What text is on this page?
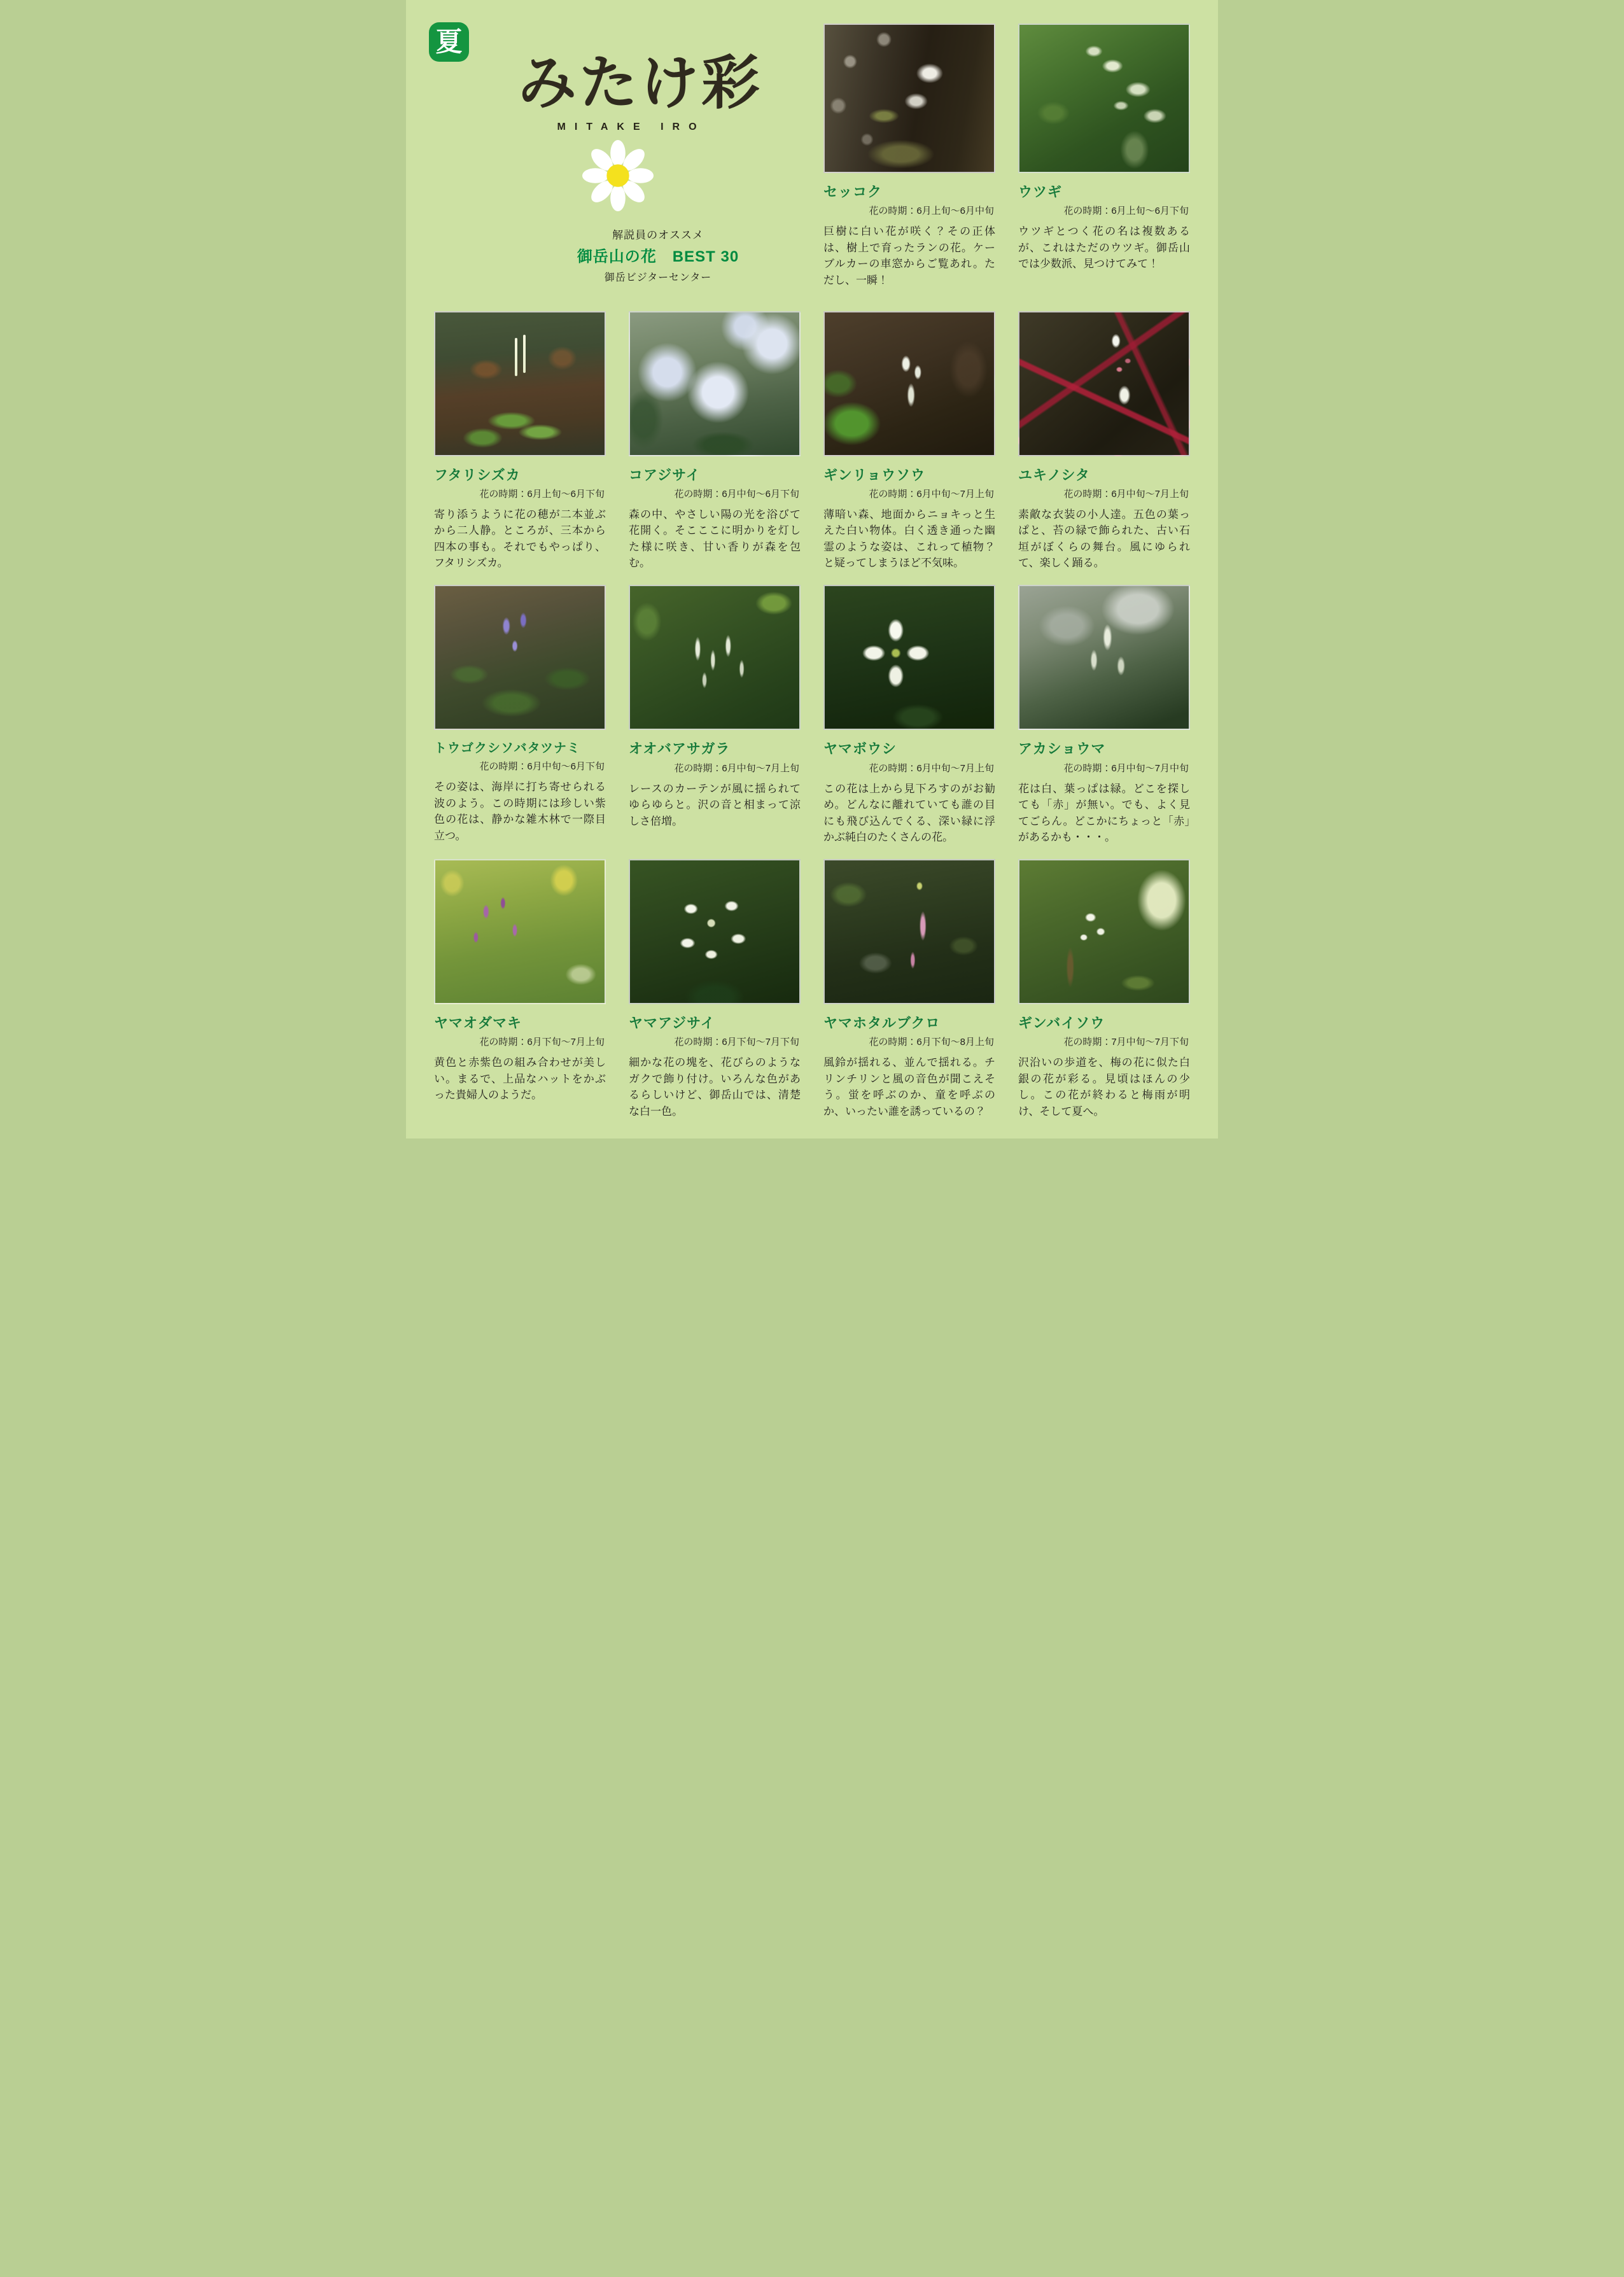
夏
みたけ彩
MITAKE IRO
解説員のオススメ
御岳山の花　BEST 30
御岳ビジターセンター
セッコク
花の時期：6月上旬～6月中旬

巨樹に白い花が咲く？その正体は、樹上で育ったランの花。ケーブルカーの車窓からご覧あれ。ただし、一瞬！

ウツギ
花の時期：6月上旬～6月下旬

ウツギとつく花の名は複数あるが、これはただのウツギ。御岳山では少数派、見つけてみて！

フタリシズカ
花の時期：6月上旬～6月下旬

寄り添うように花の穂が二本並ぶから二人静。ところが、三本から四本の事も。それでもやっぱり、フタリシズカ。

コアジサイ
花の時期：6月中旬～6月下旬

森の中、やさしい陽の光を浴びて花開く。そこここに明かりを灯した様に咲き、甘い香りが森を包む。

ギンリョウソウ
花の時期：6月中旬～7月上旬

薄暗い森、地面からニョキっと生えた白い物体。白く透き通った幽霊のような姿は、これって植物？と疑ってしまうほど不気味。

ユキノシタ
花の時期：6月中旬～7月上旬

素敵な衣装の小人達。五色の葉っぱと、苔の緑で飾られた、古い石垣がぼくらの舞台。風にゆられて、楽しく踊る。

トウゴクシソバタツナミ
花の時期：6月中旬～6月下旬

その姿は、海岸に打ち寄せられる波のよう。この時期には珍しい紫色の花は、静かな雑木林で一際目立つ。

オオバアサガラ
花の時期：6月中旬～7月上旬

レースのカーテンが風に揺られてゆらゆらと。沢の音と相まって涼しさ倍増。

ヤマボウシ
花の時期：6月中旬～7月上旬

この花は上から見下ろすのがお勧め。どんなに離れていても誰の目にも飛び込んでくる、深い緑に浮かぶ純白のたくさんの花。

アカショウマ
花の時期：6月中旬～7月中旬

花は白、葉っぱは緑。どこを探しても「赤」が無い。でも、よく見てごらん。どこかにちょっと「赤」があるかも・・・。

ヤマオダマキ
花の時期：6月下旬～7月上旬

黄色と赤紫色の組み合わせが美しい。まるで、上品なハットをかぶった貴婦人のようだ。

ヤマアジサイ
花の時期：6月下旬～7月下旬

細かな花の塊を、花びらのようなガクで飾り付け。いろんな色があるらしいけど、御岳山では、清楚な白一色。

ヤマホタルブクロ
花の時期：6月下旬～8月上旬

風鈴が揺れる、並んで揺れる。チリンチリンと風の音色が聞こえそう。蛍を呼ぶのか、童を呼ぶのか、いったい誰を誘っているの？

ギンバイソウ
花の時期：7月中旬～7月下旬

沢沿いの歩道を、梅の花に似た白銀の花が彩る。見頃はほんの少し。この花が終わると梅雨が明け、そして夏へ。
